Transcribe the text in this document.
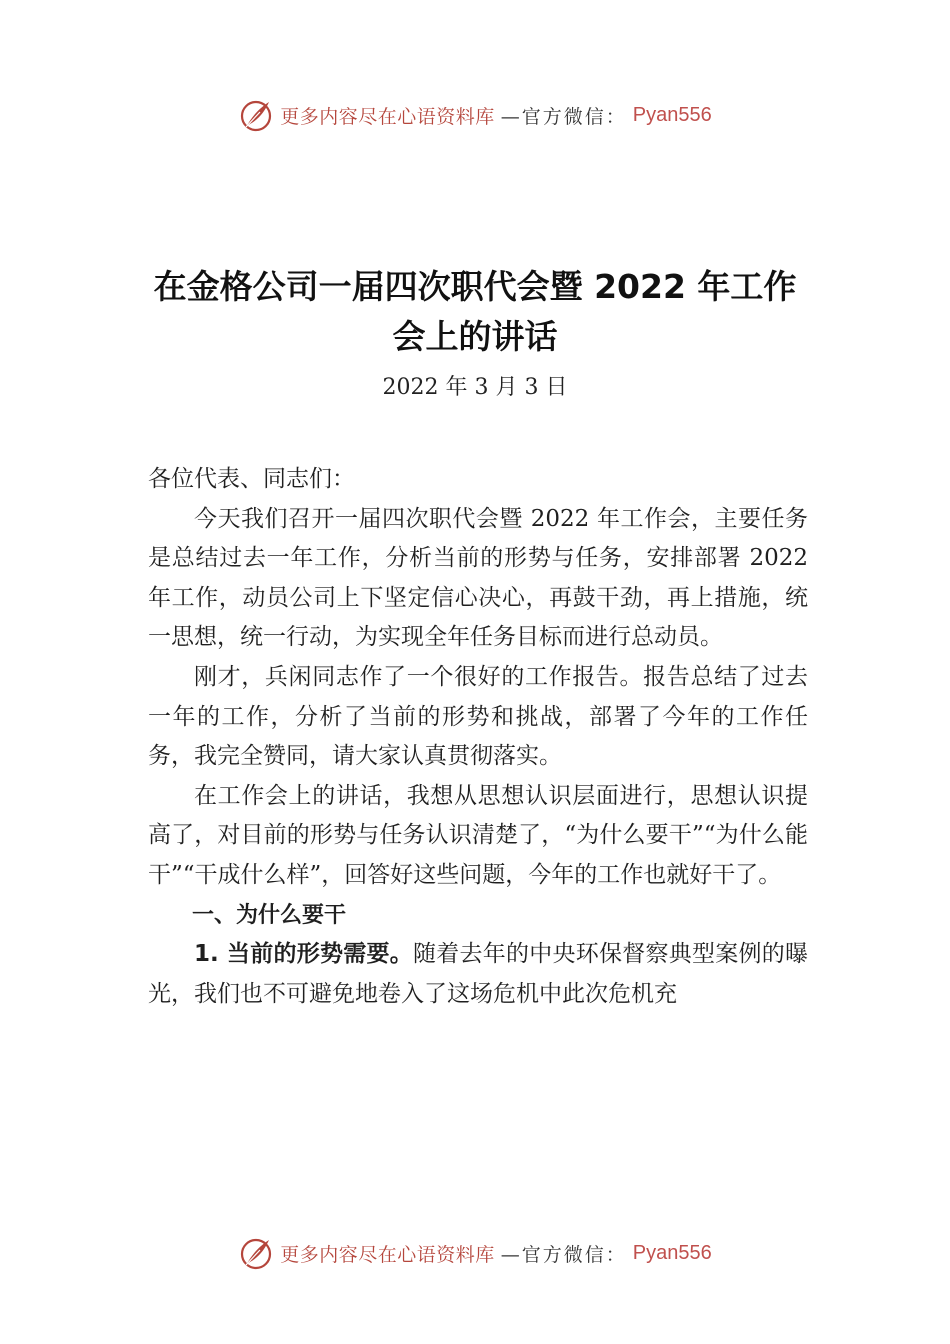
更多内容尽在心语资料库 —官方微信： Pyan556
在金格公司一届四次职代会暨 2022 年工作
会上的讲话
2022 年 3 月 3 日

各位代表、同志们：

今天我们召开一届四次职代会暨 2022 年工作会，主要任务是总结过去一年工作，分析当前的形势与任务，安排部署 2022 年工作，动员公司上下坚定信心决心，再鼓干劲，再上措施，统一思想，统一行动，为实现全年任务目标而进行总动员。

刚才，兵闲同志作了一个很好的工作报告。报告总结了过去一年的工作，分析了当前的形势和挑战，部署了今年的工作任务，我完全赞同，请大家认真贯彻落实。

在工作会上的讲话，我想从思想认识层面进行，思想认识提高了，对目前的形势与任务认识清楚了，“为什么要干”“为什么能干”“干成什么样”，回答好这些问题，今年的工作也就好干了。

一、为什么要干

1. 当前的形势需要。随着去年的中央环保督察典型案例的曝光，我们也不可避免地卷入了这场危机中此次危机充

更多内容尽在心语资料库 —官方微信： Pyan556
